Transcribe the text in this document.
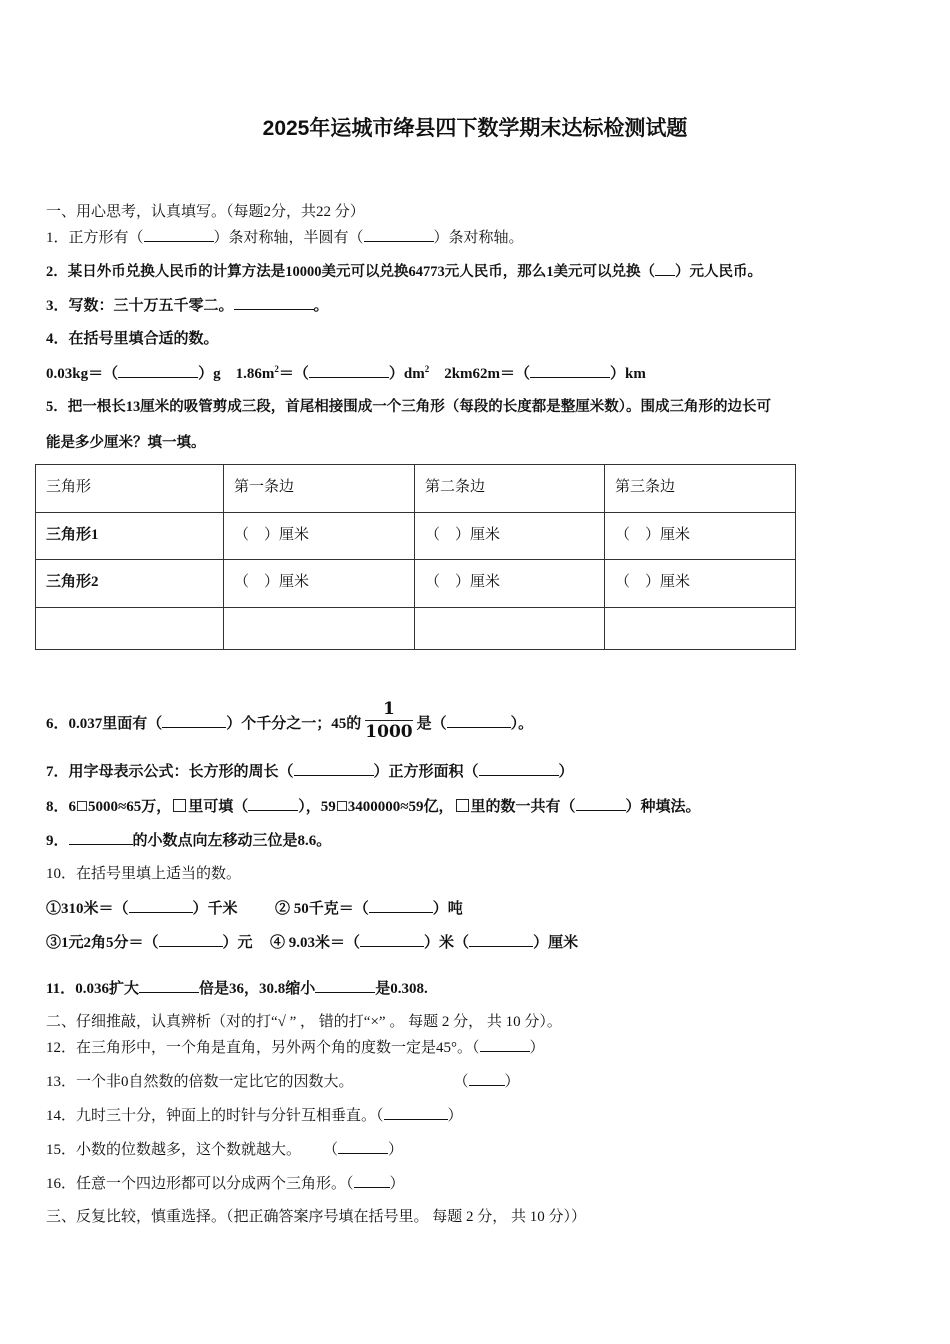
2025年运城市绛县四下数学期末达标检测试题
一、用心思考，认真填写。（每题2分，共22 分）
1．正方形有（	）条对称轴，半圆有（	）条对称轴。
2．某日外币兑换人民币的计算方法是10000美元可以兑换64773元人民币，那么1美元可以兑换（ ）元人民币。
3．写数：三十万五千零二。	。
4．在括号里填合适的数。
0.03kg＝（	）g　$1.86m^2=$（	）$dm^2$　2km62m＝（	）km
5．把一根长13厘米的吸管剪成三段，首尾相接围成一个三角形（每段的长度都是整厘米数）。围成三角形的边长可
能是多少厘米？填一填。
三角形	第一条边	第二条边	第三条边
三角形1	（　）厘米	（　）厘米	（　）厘米
三角形2	（　）厘米	（　）厘米	（　）厘米

6．0.037里面有（	）个千分之一；45的 $\frac{1}{1000}$ 是（	）。
7．用字母表示公式：长方形的周长（	）正方形面积（	）
8．6 5000≈65万， 里可填（	），59 3400000≈59亿， 里的数一共有（	）种填法。
9．	的小数点向左移动三位是8.6。
10．在括号里填上适当的数。
①310米＝（	）千米	② 50千克＝（	）吨
③1元2角5分＝（	）元 ④ 9.03米＝（	）米（	）厘米
11．0.036扩大	倍是36，30.8缩小	是0.308.
二、仔细推敲，认真辨析（对的打“√ ” ， 错的打“×” 。 每题 2 分， 共 10 分）。
12．在三角形中，一个角是直角，另外两个角的度数一定是45°。（	）
13．一个非0自然数的倍数一定比它的因数大。	（ ）
14．九时三十分，钟面上的时针与分针互相垂直。（	）
15．小数的位数越多，这个数就越大。 （	）
16．任意一个四边形都可以分成两个三角形。（ ）
三、反复比较，慎重选择。（把正确答案序号填在括号里。 每题 2 分， 共 10 分））
